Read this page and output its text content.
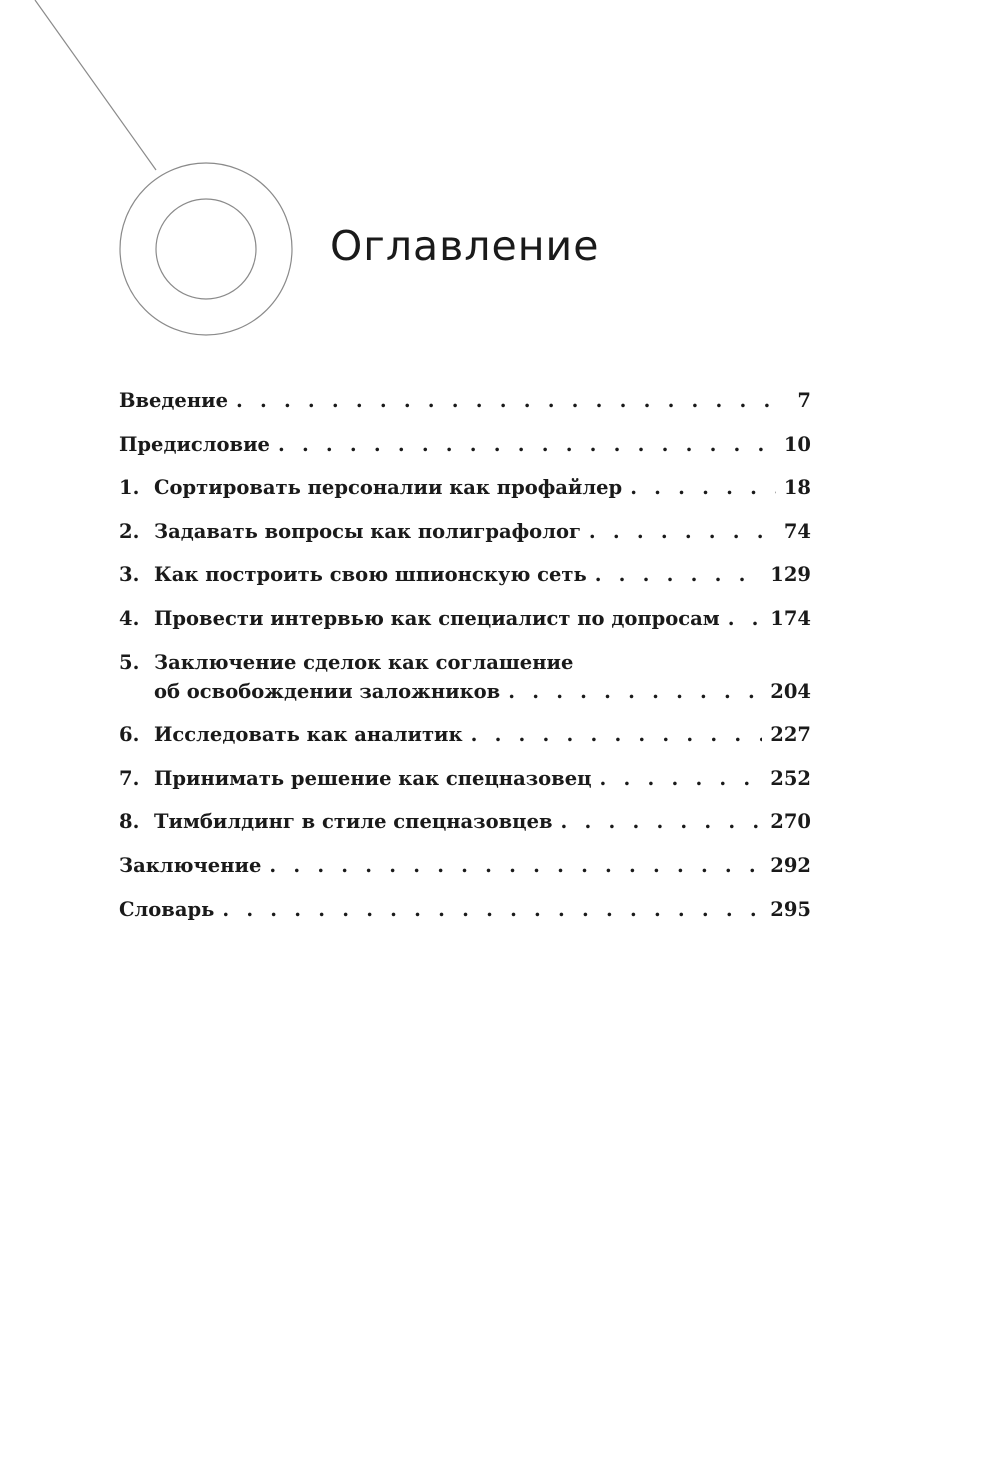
Оглавление
Введение . . .	7
Предисловие . . .	10
1. Сортировать персоналии как профайлер . . .	18
2. Задавать вопросы как полиграфолог . . .	74
3. Как построить свою шпионскую сеть . . .	129
4. Провести интервью как специалист по допросам . . .	174
5. Заключение сделок как соглашение
об освобождении заложников . . .	204
6. Исследовать как аналитик . . .	227
7. Принимать решение как спецназовец . . .	252
8. Тимбилдинг в стиле спецназовцев . . .	270
Заключение . . .	292
Словарь . . .	295
